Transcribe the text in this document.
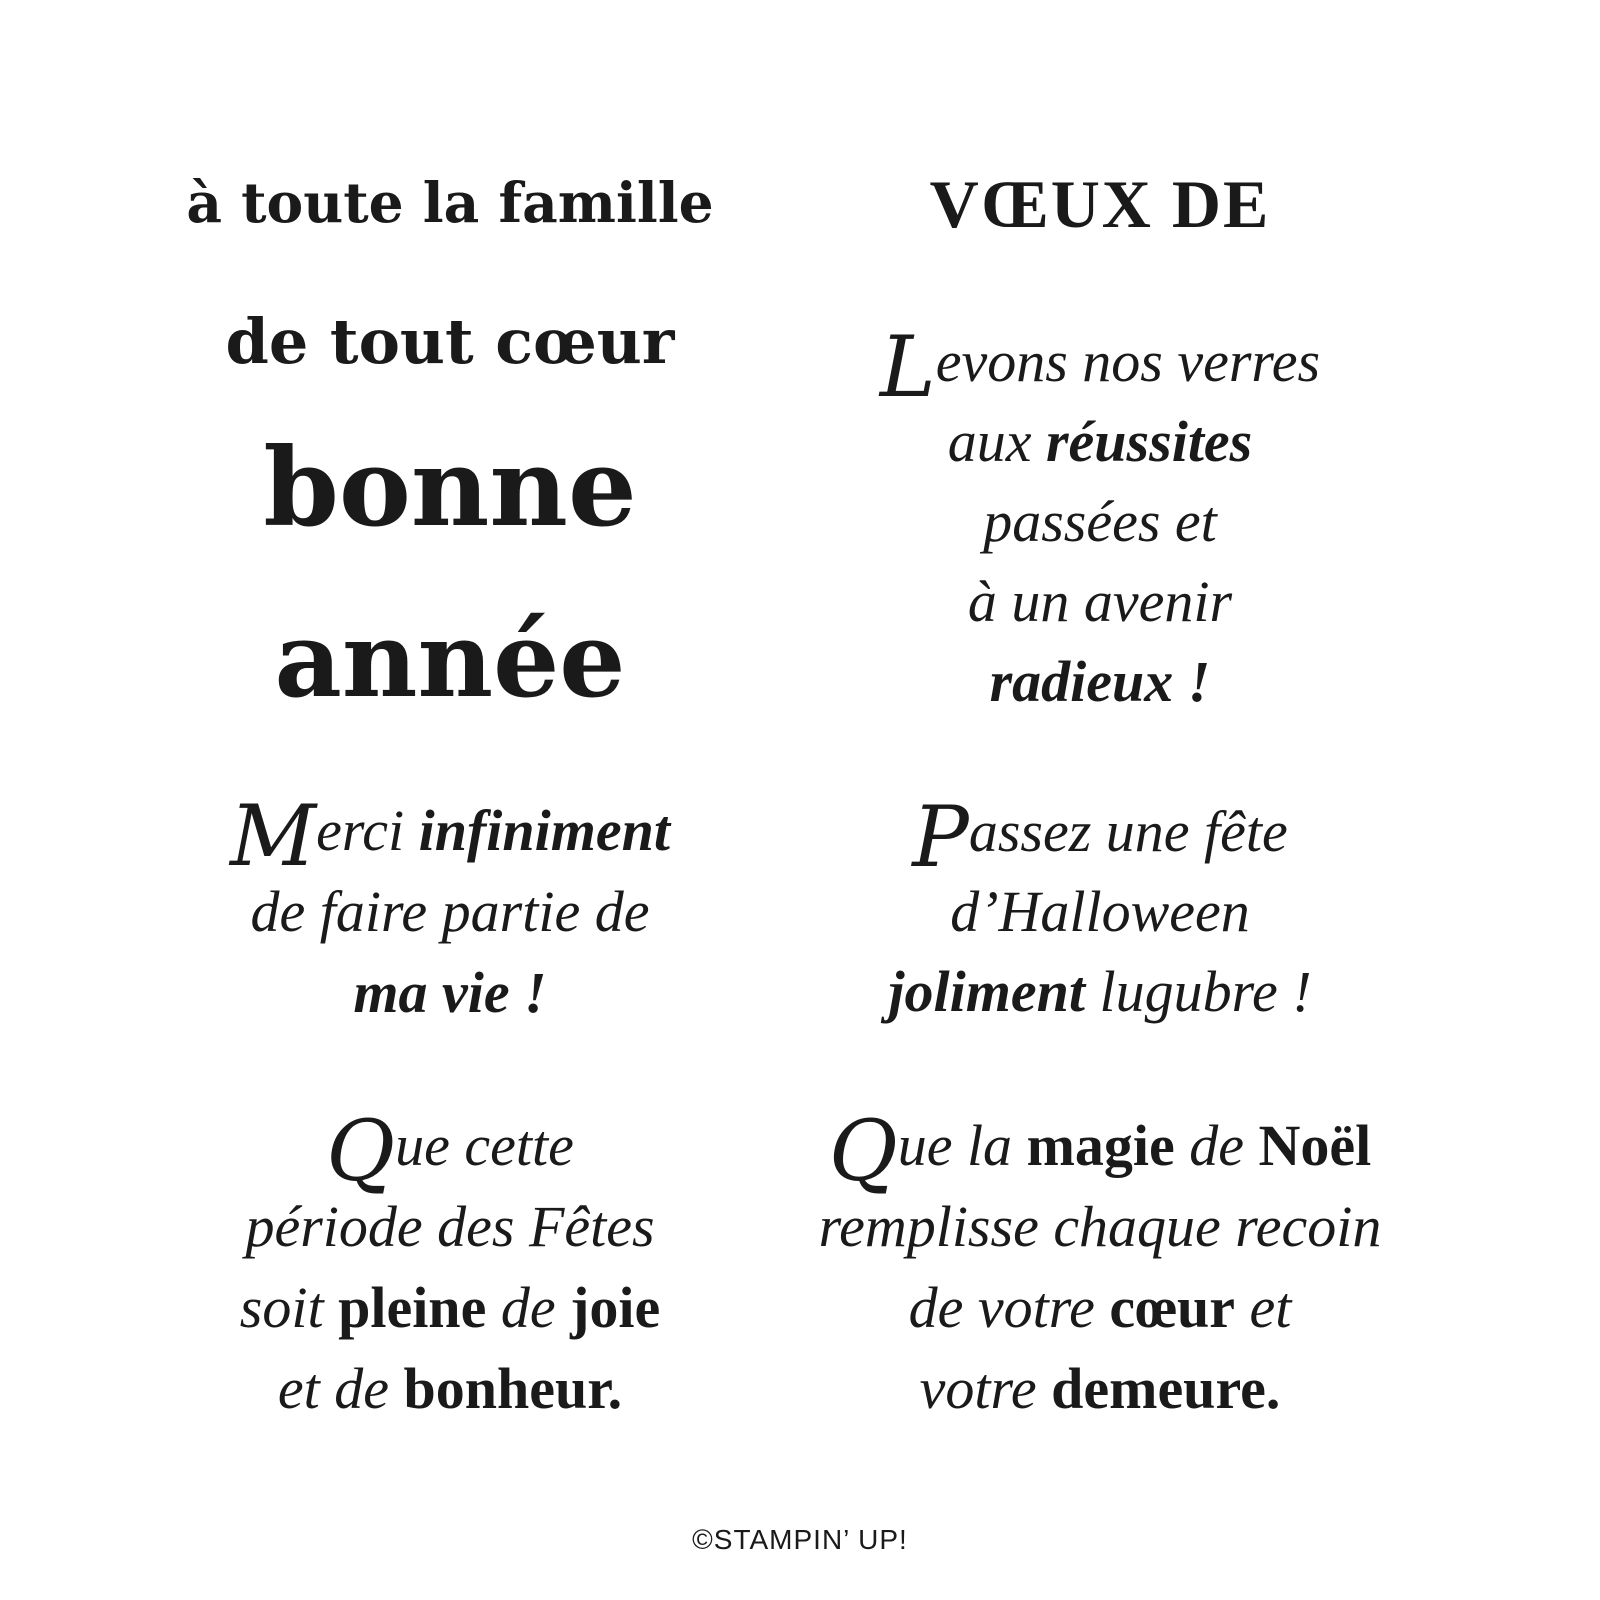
à toute la famille
de tout cœur
bonne
année
Merci infiniment
de faire partie de
ma vie !
Que cette
période des Fêtes
soit pleine de joie
et de bonheur.
VŒUX DE
Levons nos verres
aux réussites
passées et
à un avenir
radieux !
Passez une fête
d’Halloween
joliment lugubre !
Que la magie de Noël
remplisse chaque recoin
de votre cœur et
votre demeure.
©STAMPIN’ UP!
